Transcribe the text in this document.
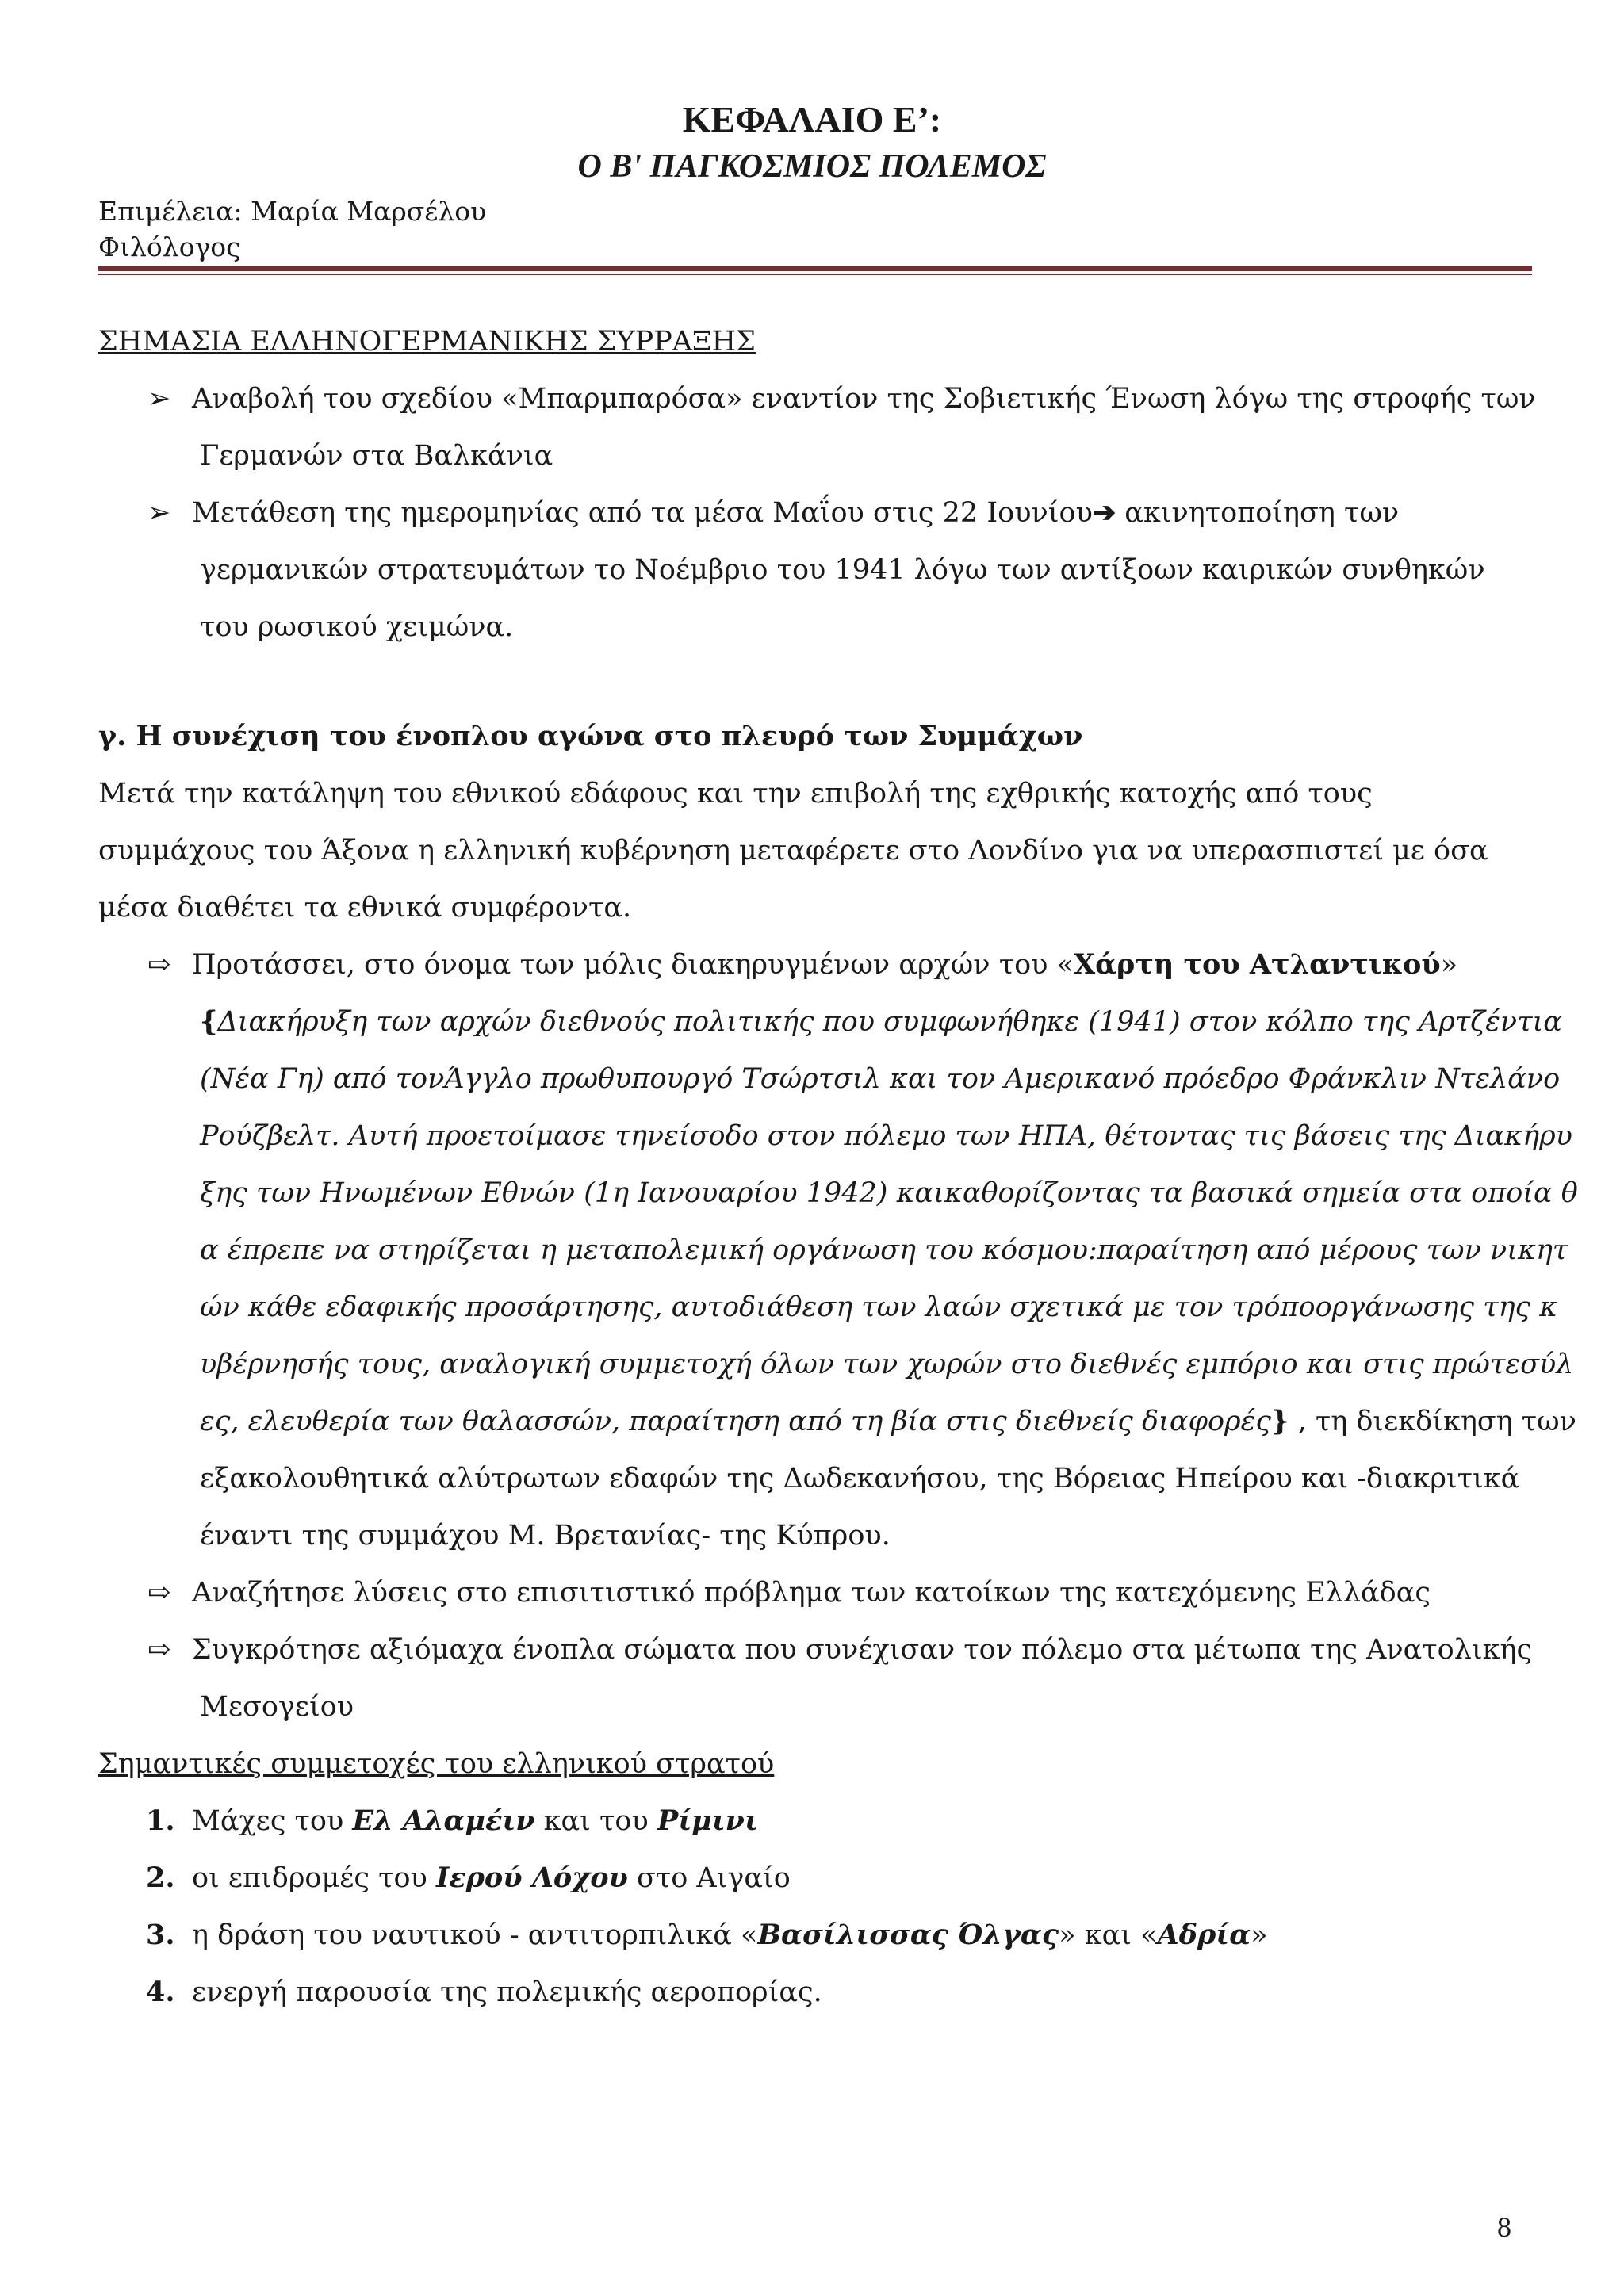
ΚΕΦΑΛΑΙΟ Ε’:
Ο Β' ΠΑΓΚΟΣΜΙΟΣ ΠΟΛΕΜΟΣ
Επιμέλεια: Μαρία Μαρσέλου
Φιλόλογος
ΣΗΜΑΣΙΑ ΕΛΛΗΝΟΓΕΡΜΑΝΙΚΗΣ ΣΥΡΡΑΞΗΣ
➢ Αναβολή του σχεδίου «Μπαρμπαρόσα» εναντίον της Σοβιετικής Ένωση λόγω της στροφής των
Γερμανών στα Βαλκάνια
➢ Μετάθεση της ημερομηνίας από τα μέσα Μαΐου στις 22 Ιουνίου➔ ακινητοποίηση των
γερμανικών στρατευμάτων το Νοέμβριο του 1941 λόγω των αντίξοων καιρικών συνθηκών
του ρωσικού χειμώνα.
γ. Η συνέχιση του ένοπλου αγώνα στο πλευρό των Συμμάχων
Μετά την κατάληψη του εθνικού εδάφους και την επιβολή της εχθρικής κατοχής από τους
συμμάχους του Άξονα η ελληνική κυβέρνηση μεταφέρετε στο Λονδίνο για να υπερασπιστεί με όσα
μέσα διαθέτει τα εθνικά συμφέροντα.
⇨ Προτάσσει, στο όνομα των μόλις διακηρυγμένων αρχών του «Χάρτη του Ατλαντικού»
{Διακήρυξη των αρχών διεθνούς πολιτικής που συμφωνήθηκε (1941) στον κόλπο της Αρτζέντια
(Νέα Γη) από τονΆγγλο πρωθυπουργό Τσώρτσιλ και τον Αμερικανό πρόεδρο Φράνκλιν Ντελάνο
Ρούζβελτ. Αυτή προετοίμασε τηνείσοδο στον πόλεμο των ΗΠΑ, θέτοντας τις βάσεις της Διακήρυ
ξης των Ηνωμένων Εθνών (1η Ιανουαρίου 1942) καικαθορίζοντας τα βασικά σημεία στα οποία θ
α έπρεπε να στηρίζεται η μεταπολεμική οργάνωση του κόσμου:παραίτηση από μέρους των νικητ
ών κάθε εδαφικής προσάρτησης, αυτοδιάθεση των λαών σχετικά με τον τρόποοργάνωσης της κ
υβέρνησής τους, αναλογική συμμετοχή όλων των χωρών στο διεθνές εμπόριο και στις πρώτεσύλ
ες, ελευθερία των θαλασσών, παραίτηση από τη βία στις διεθνείς διαφορές} , τη διεκδίκηση των
εξακολουθητικά αλύτρωτων εδαφών της Δωδεκανήσου, της Βόρειας Ηπείρου και -διακριτικά
έναντι της συμμάχου Μ. Βρετανίας- της Κύπρου.
⇨ Αναζήτησε λύσεις στο επισιτιστικό πρόβλημα των κατοίκων της κατεχόμενης Ελλάδας
⇨ Συγκρότησε αξιόμαχα ένοπλα σώματα που συνέχισαν τον πόλεμο στα μέτωπα της Ανατολικής
Μεσογείου
Σημαντικές συμμετοχές του ελληνικού στρατού
1. Μάχες του Ελ Αλαμέιν και του Ρίμινι
2. οι επιδρομές του Ιερού Λόχου στο Αιγαίο
3. η δράση του ναυτικού - αντιτορπιλικά «Βασίλισσας Όλγας» και «Αδρία»
4. ενεργή παρουσία της πολεμικής αεροπορίας.
8
